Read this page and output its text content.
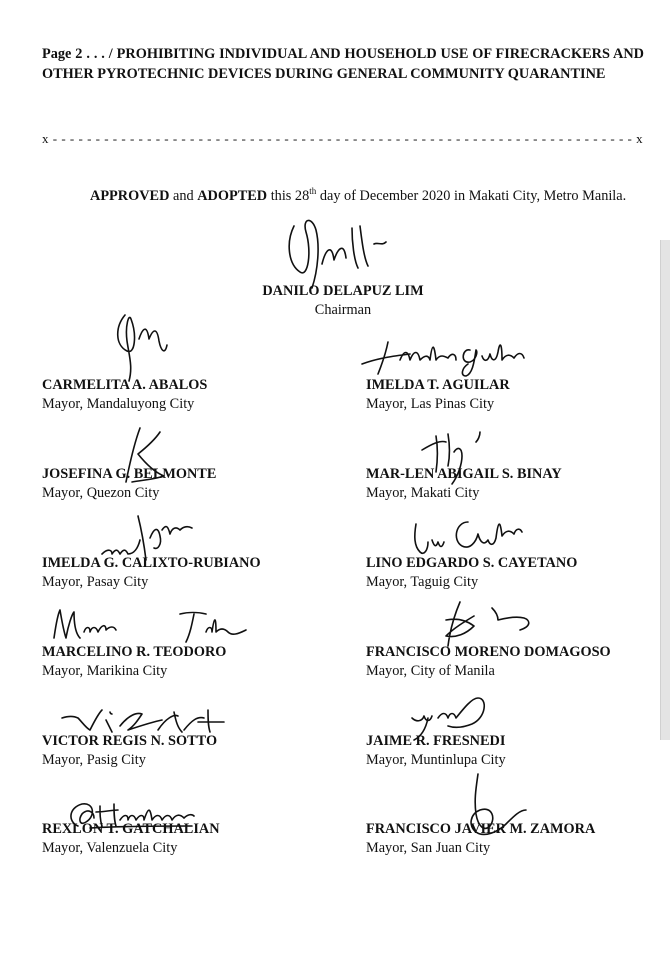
Page 2 . . . / PROHIBITING INDIVIDUAL AND HOUSEHOLD USE OF FIRECRACKERS AND OTHER PYROTECHNIC DEVICES DURING GENERAL COMMUNITY QUARANTINE
x - - - - - - - - - - - - - - - - - - - - - - - - - - - - - - - - - - - - - - - - - - - - - - - - - - - - - - - - - - - - - - - - - - - - x
APPROVED and ADOPTED this 28th day of December 2020 in Makati City, Metro Manila.
DANILO DELAPUZ LIM
Chairman
CARMELITA A. ABALOS
Mayor, Mandaluyong City
JOSEFINA G. BELMONTE
Mayor, Quezon City
IMELDA G. CALIXTO-RUBIANO
Mayor, Pasay City
MARCELINO R. TEODORO
Mayor, Marikina City
VICTOR REGIS N. SOTTO
Mayor, Pasig City
REXLON T. GATCHALIAN
Mayor, Valenzuela City
IMELDA T. AGUILAR
Mayor, Las Pinas City
MAR-LEN ABIGAIL S. BINAY
Mayor, Makati City
LINO EDGARDO S. CAYETANO
Mayor, Taguig City
FRANCISCO MORENO DOMAGOSO
Mayor, City of Manila
JAIME R. FRESNEDI
Mayor, Muntinlupa City
FRANCISCO JAVIER M. ZAMORA
Mayor, San Juan City
